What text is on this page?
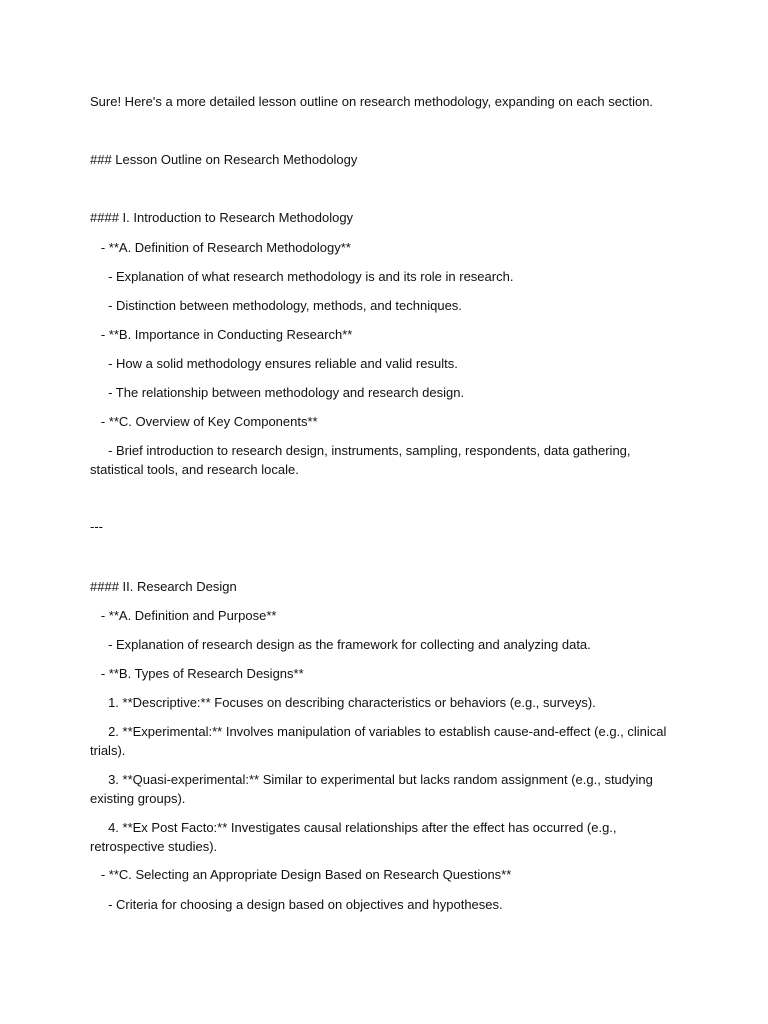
Sure! Here's a more detailed lesson outline on research methodology, expanding on each section.

### Lesson Outline on Research Methodology

#### I. Introduction to Research Methodology

- **A. Definition of Research Methodology**

- Explanation of what research methodology is and its role in research.

- Distinction between methodology, methods, and techniques.

- **B. Importance in Conducting Research**

- How a solid methodology ensures reliable and valid results.

- The relationship between methodology and research design.

- **C. Overview of Key Components**

- Brief introduction to research design, instruments, sampling, respondents, data gathering, statistical tools, and research locale.

---

#### II. Research Design

- **A. Definition and Purpose**

- Explanation of research design as the framework for collecting and analyzing data.

- **B. Types of Research Designs**

1. **Descriptive:** Focuses on describing characteristics or behaviors (e.g., surveys).

2. **Experimental:** Involves manipulation of variables to establish cause-and-effect (e.g., clinical trials).

3. **Quasi-experimental:** Similar to experimental but lacks random assignment (e.g., studying existing groups).

4. **Ex Post Facto:** Investigates causal relationships after the effect has occurred (e.g., retrospective studies).

- **C. Selecting an Appropriate Design Based on Research Questions**

- Criteria for choosing a design based on objectives and hypotheses.
